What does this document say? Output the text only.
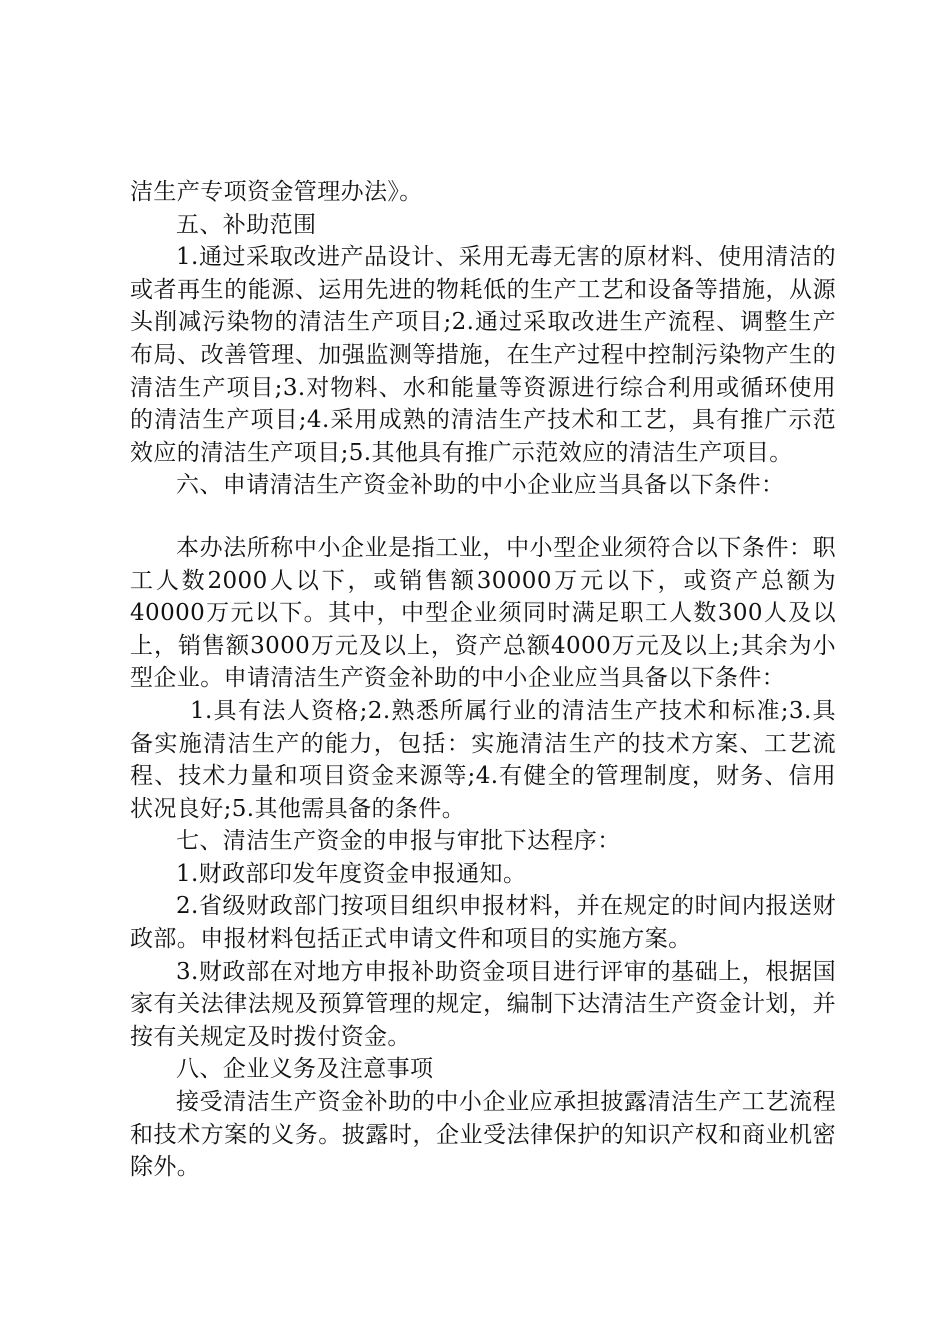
洁生产专项资金管理办法》。

五、补助范围

1.通过采取改进产品设计、采用无毒无害的原材料、使用清洁的或者再生的能源、运用先进的物耗低的生产工艺和设备等措施，从源头削减污染物的清洁生产项目;2.通过采取改进生产流程、调整生产布局、改善管理、加强监测等措施，在生产过程中控制污染物产生的清洁生产项目;3.对物料、水和能量等资源进行综合利用或循环使用的清洁生产项目;4.采用成熟的清洁生产技术和工艺，具有推广示范效应的清洁生产项目;5.其他具有推广示范效应的清洁生产项目。

六、申请清洁生产资金补助的中小企业应当具备以下条件：

本办法所称中小企业是指工业，中小型企业须符合以下条件：职工人数2000人以下，或销售额30000万元以下，或资产总额为40000万元以下。其中，中型企业须同时满足职工人数300人及以上，销售额3000万元及以上，资产总额4000万元及以上;其余为小型企业。申请清洁生产资金补助的中小企业应当具备以下条件：

1.具有法人资格;2.熟悉所属行业的清洁生产技术和标准;3.具备实施清洁生产的能力，包括：实施清洁生产的技术方案、工艺流程、技术力量和项目资金来源等;4.有健全的管理制度，财务、信用状况良好;5.其他需具备的条件。

七、清洁生产资金的申报与审批下达程序：

1.财政部印发年度资金申报通知。

2.省级财政部门按项目组织申报材料，并在规定的时间内报送财政部。申报材料包括正式申请文件和项目的实施方案。

3.财政部在对地方申报补助资金项目进行评审的基础上，根据国家有关法律法规及预算管理的规定，编制下达清洁生产资金计划，并按有关规定及时拨付资金。

八、企业义务及注意事项

接受清洁生产资金补助的中小企业应承担披露清洁生产工艺流程和技术方案的义务。披露时，企业受法律保护的知识产权和商业机密除外。
